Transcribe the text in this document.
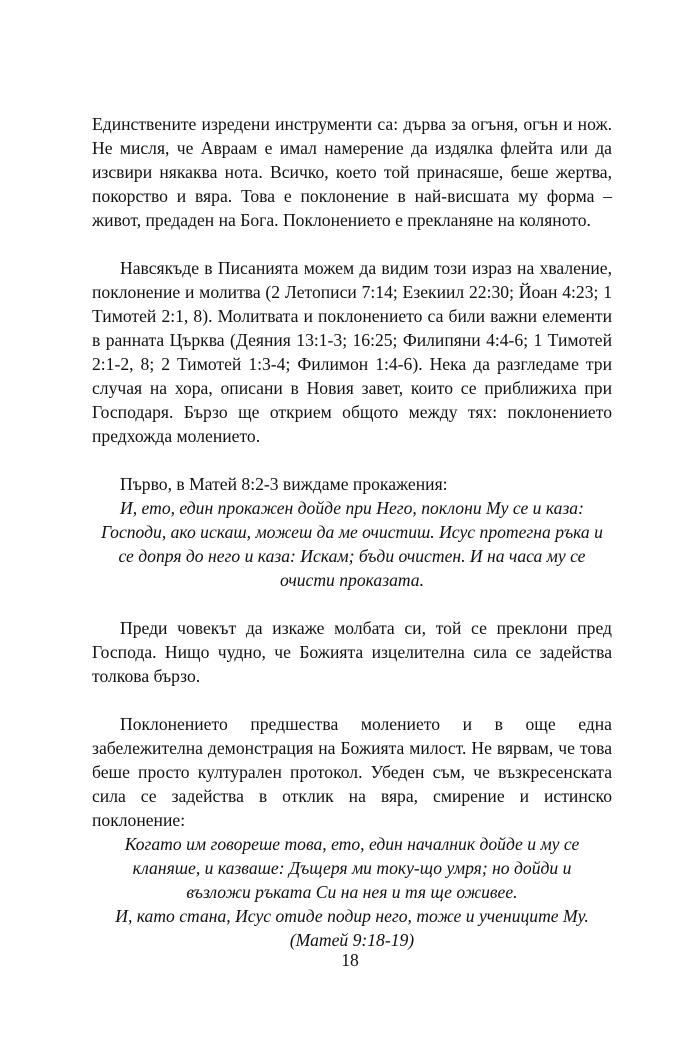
Единствените изредени инструменти са: дърва за огъня, огън и нож. Не мисля, че Авраам е имал намерение да издялка флейта или да изсвири някаква нота. Всичко, което той принасяше, беше жертва, покорство и вяра. Това е поклонение в най-висшата му форма – живот, предаден на Бога. Поклонението е прекланяне на коляното.

Навсякъде в Писанията можем да видим този израз на хваление, поклонение и молитва (2 Летописи 7:14; Езекиил 22:30; Йоан 4:23; 1 Тимотей 2:1, 8). Молитвата и поклонението са били важни елементи в ранната Църква (Деяния 13:1-3; 16:25; Филипяни 4:4-6; 1 Тимотей 2:1-2, 8; 2 Тимотей 1:3-4; Филимон 1:4-6). Нека да разгледаме три случая на хора, описани в Новия завет, които се приближиха при Господаря. Бързо ще открием общото между тях: поклонението предхожда молението.

Първо, в Матей 8:2-3 виждаме прокажения:

И, ето, един прокажен дойде при Него, поклони Му се и каза:
Господи, ако искаш, можеш да ме очистиш. Исус протегна ръка и
се допря до него и каза: Искам; бъди очистен. И на часа му се
очисти проказата.

Преди човекът да изкаже молбата си, той се преклони пред Господа. Нищо чудно, че Божията изцелителна сила се задейства толкова бързо.

Поклонението предшества молението и в още една забележителна демонстрация на Божията милост. Не вярвам, че това беше просто културален протокол. Убеден съм, че възкресенската сила се задейства в отклик на вяра, смирение и истинско поклонение:

Когато им говореше това, ето, един началник дойде и му се
кланяше, и казваше: Дъщеря ми току-що умря; но дойди и
възложи ръката Си на нея и тя ще оживее.
И, като стана, Исус отиде подир него, тоже и учениците Му.
(Матей 9:18-19)

18
